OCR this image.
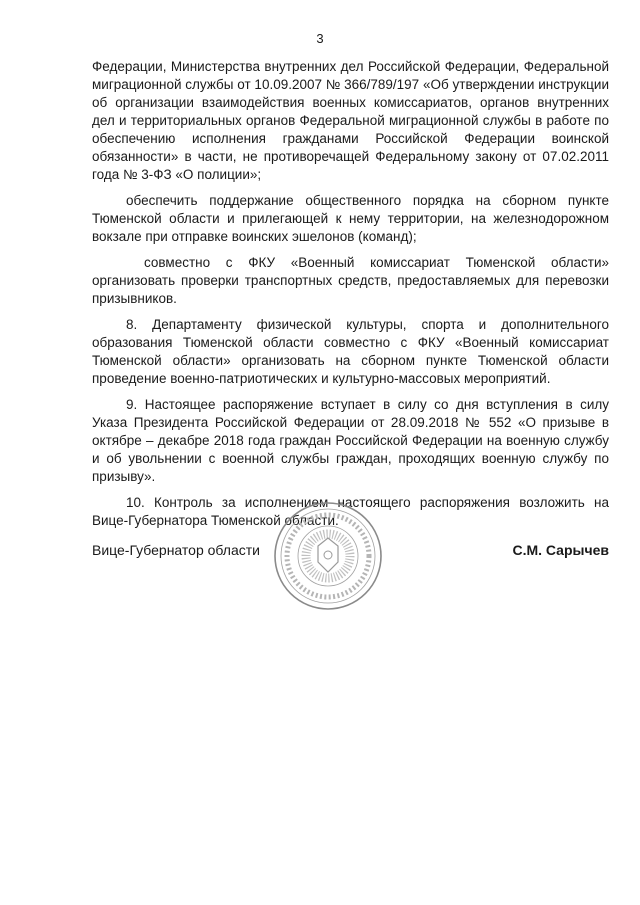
3

Федерации, Министерства внутренних дел Российской Федерации, Федеральной миграционной службы от 10.09.2007 № 366/789/197 «Об утверждении инструкции об организации взаимодействия военных комиссариатов, органов внутренних дел и территориальных органов Федеральной миграционной службы в работе по обеспечению исполнения гражданами Российской Федерации воинской обязанности» в части, не противоречащей Федеральному закону от 07.02.2011 года № 3-ФЗ «О полиции»;

обеспечить поддержание общественного порядка на сборном пункте Тюменской области и прилегающей к нему территории, на железнодорожном вокзале при отправке воинских эшелонов (команд);

совместно с ФКУ «Военный комиссариат Тюменской области» организовать проверки транспортных средств, предоставляемых для перевозки призывников.

8. Департаменту физической культуры, спорта и дополнительного образования Тюменской области совместно с ФКУ «Военный комиссариат Тюменской области» организовать на сборном пункте Тюменской области проведение военно-патриотических и культурно-массовых мероприятий.

9. Настоящее распоряжение вступает в силу со дня вступления в силу Указа Президента Российской Федерации от 28.09.2018 № 552 «О призыве в октябре – декабре 2018 года граждан Российской Федерации на военную службу и об увольнении с военной службы граждан, проходящих военную службу по призыву».

10. Контроль за исполнением настоящего распоряжения возложить на Вице-Губернатора Тюменской области.

Вице-Губернатор области	С.М. Сарычев
